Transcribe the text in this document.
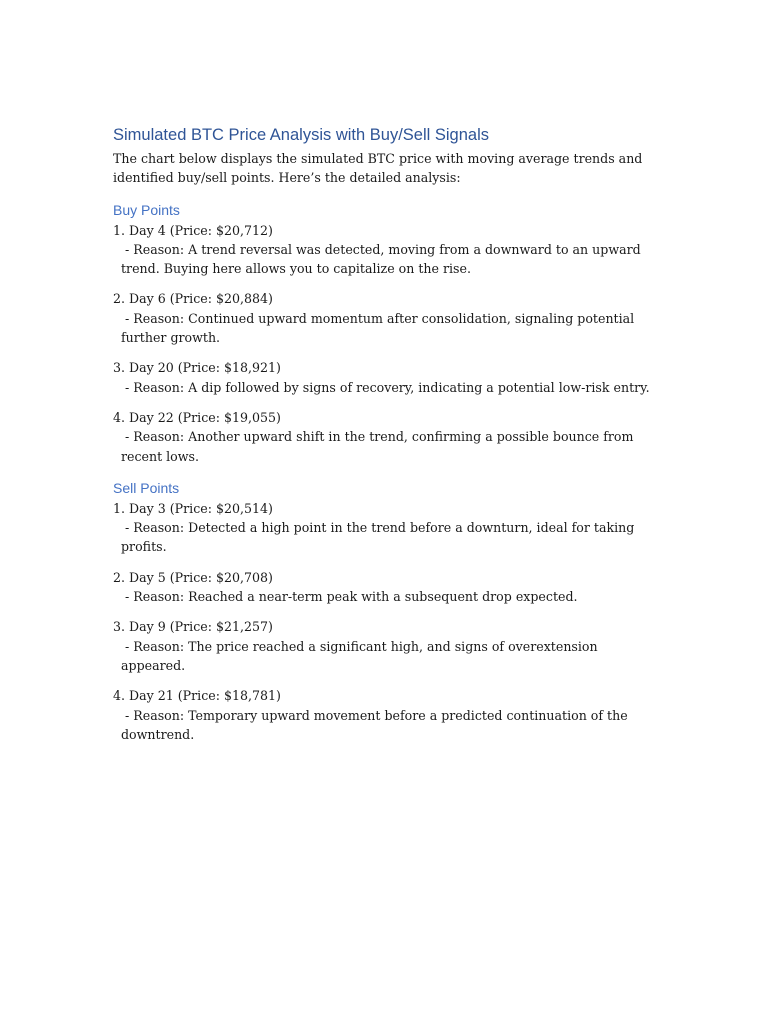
Simulated BTC Price Analysis with Buy/Sell Signals

The chart below displays the simulated BTC price with moving average trends and identified buy/sell points. Here’s the detailed analysis:

Buy Points
1. Day 4 (Price: $20,712)
- Reason: A trend reversal was detected, moving from a downward to an upward trend. Buying here allows you to capitalize on the rise.
2. Day 6 (Price: $20,884)
- Reason: Continued upward momentum after consolidation, signaling potential further growth.
3. Day 20 (Price: $18,921)
- Reason: A dip followed by signs of recovery, indicating a potential low-risk entry.
4. Day 22 (Price: $19,055)
- Reason: Another upward shift in the trend, confirming a possible bounce from recent lows.
Sell Points
1. Day 3 (Price: $20,514)
- Reason: Detected a high point in the trend before a downturn, ideal for taking profits.
2. Day 5 (Price: $20,708)
- Reason: Reached a near-term peak with a subsequent drop expected.
3. Day 9 (Price: $21,257)
- Reason: The price reached a significant high, and signs of overextension appeared.
4. Day 21 (Price: $18,781)
- Reason: Temporary upward movement before a predicted continuation of the downtrend.
